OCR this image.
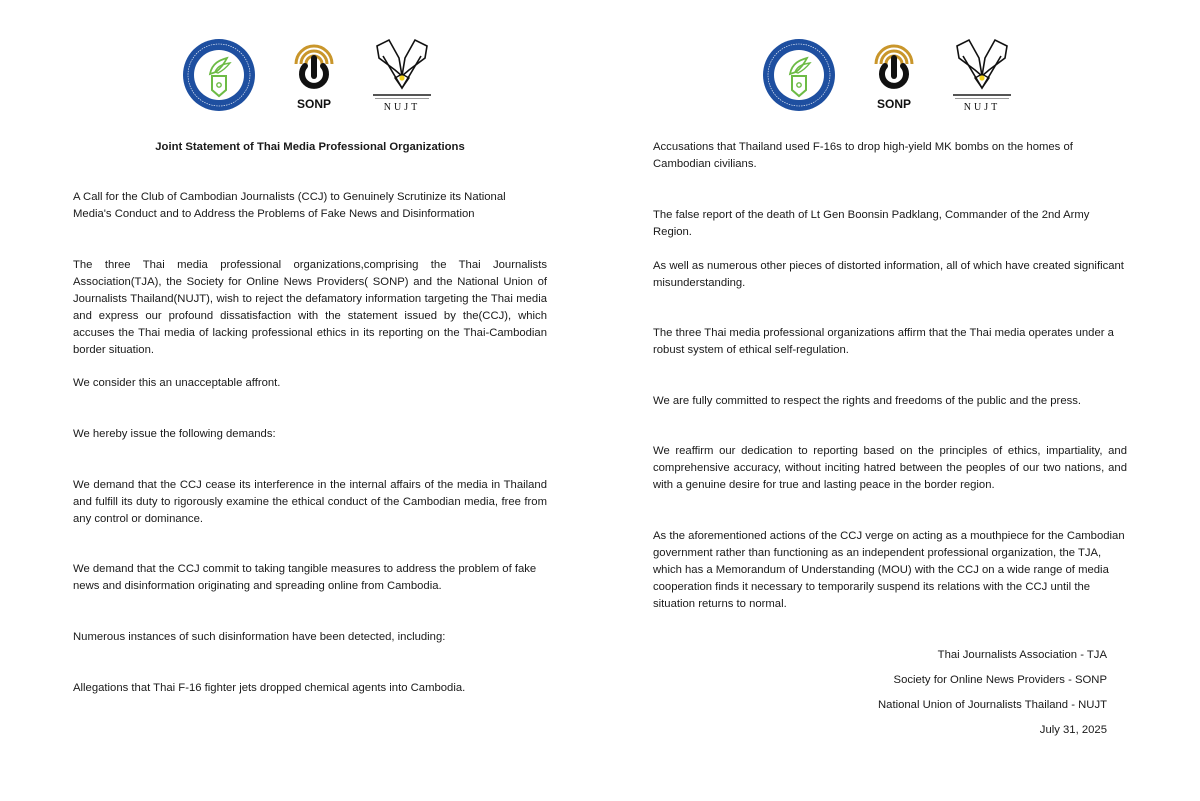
SONP	NUJT
Joint Statement of Thai Media Professional Organizations
A Call for the Club of Cambodian Journalists (CCJ) to Genuinely Scrutinize its National Media's Conduct and to Address the Problems of Fake News and Disinformation
The three Thai media professional organizations,comprising the Thai Journalists Association(TJA), the Society for Online News Providers( SONP) and the National Union of Journalists Thailand(NUJT), wish to reject the defamatory information targeting the Thai media and express our profound dissatisfaction with the statement issued by the(CCJ), which accuses the Thai media of lacking professional ethics in its reporting on the Thai-Cambodian border situation.
We consider this an unacceptable affront.
We hereby issue the following demands:
We demand that the CCJ cease its interference in the internal affairs of the media in Thailand and fulfill its duty to rigorously examine the ethical conduct of the Cambodian media, free from any control or dominance.
We demand that the CCJ commit to taking tangible measures to address the problem of fake news and disinformation originating and spreading online from Cambodia.
Numerous instances of such disinformation have been detected, including:
Allegations that Thai F-16 fighter jets dropped chemical agents into Cambodia.
SONP	NUJT
Accusations that Thailand used F-16s to drop high-yield MK bombs on the homes of Cambodian civilians.
The false report of the death of Lt Gen Boonsin Padklang, Commander of the 2nd Army Region.
As well as numerous other pieces of distorted information, all of which have created significant misunderstanding.
The three Thai media professional organizations affirm that the Thai media operates under a robust system of ethical self-regulation.
We are fully committed to respect the rights and freedoms of the public and the press.
We reaffirm our dedication to reporting based on the principles of ethics, impartiality, and comprehensive accuracy, without inciting hatred between the peoples of our two nations, and with a genuine desire for true and lasting peace in the border region.
As the aforementioned actions of the CCJ verge on acting as a mouthpiece for the Cambodian government rather than functioning as an independent professional organization, the TJA, which has a Memorandum of Understanding (MOU) with the CCJ on a wide range of media cooperation finds it necessary to temporarily suspend its relations with the CCJ until the situation returns to normal.
Thai Journalists Association - TJA
Society for Online News Providers - SONP
National Union of Journalists Thailand - NUJT
July 31, 2025
